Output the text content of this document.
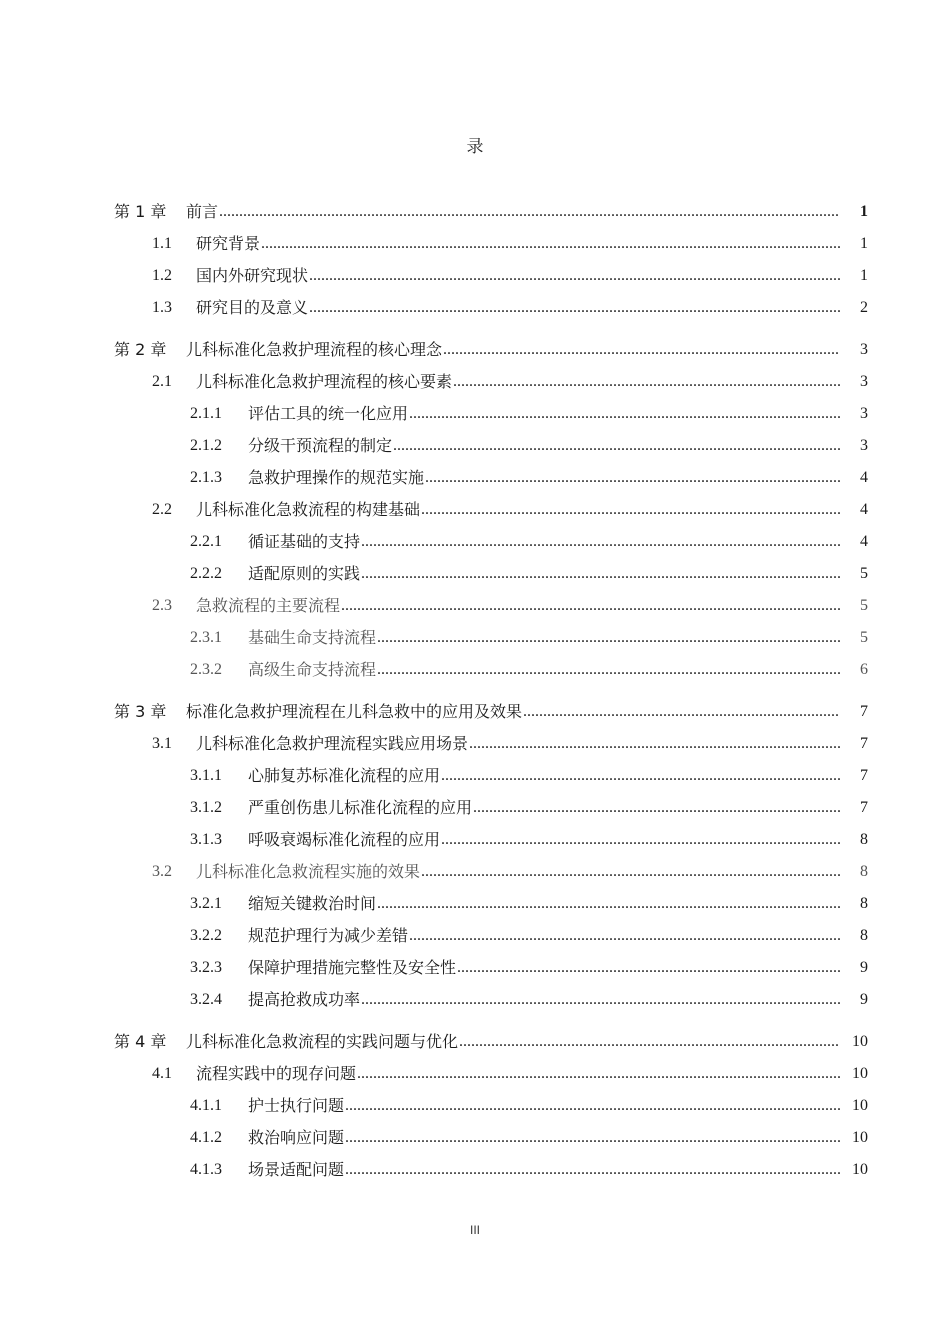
录
第 1 章	前言 .....	1
1.1	研究背景 .....	1
1.2	国内外研究现状 .....	1
1.3	研究目的及意义 .....	2
第 2 章	儿科标准化急救护理流程的核心理念 .....	3
2.1	儿科标准化急救护理流程的核心要素 .....	3
2.1.1	评估工具的统一化应用 .....	3
2.1.2	分级干预流程的制定 .....	3
2.1.3	急救护理操作的规范实施 .....	4
2.2	儿科标准化急救流程的构建基础 .....	4
2.2.1	循证基础的支持 .....	4
2.2.2	适配原则的实践 .....	5
2.3	急救流程的主要流程 .....	5
2.3.1	基础生命支持流程 .....	5
2.3.2	高级生命支持流程 .....	6
第 3 章	标准化急救护理流程在儿科急救中的应用及效果 .....	7
3.1	儿科标准化急救护理流程实践应用场景 .....	7
3.1.1	心肺复苏标准化流程的应用 .....	7
3.1.2	严重创伤患儿标准化流程的应用 .....	7
3.1.3	呼吸衰竭标准化流程的应用 .....	8
3.2	儿科标准化急救流程实施的效果 .....	8
3.2.1	缩短关键救治时间 .....	8
3.2.2	规范护理行为减少差错 .....	8
3.2.3	保障护理措施完整性及安全性 .....	9
3.2.4	提高抢救成功率 .....	9
第 4 章	儿科标准化急救流程的实践问题与优化 .....	10
4.1	流程实践中的现存问题 .....	10
4.1.1	护士执行问题 .....	10
4.1.2	救治响应问题 .....	10
4.1.3	场景适配问题 .....	10
III
